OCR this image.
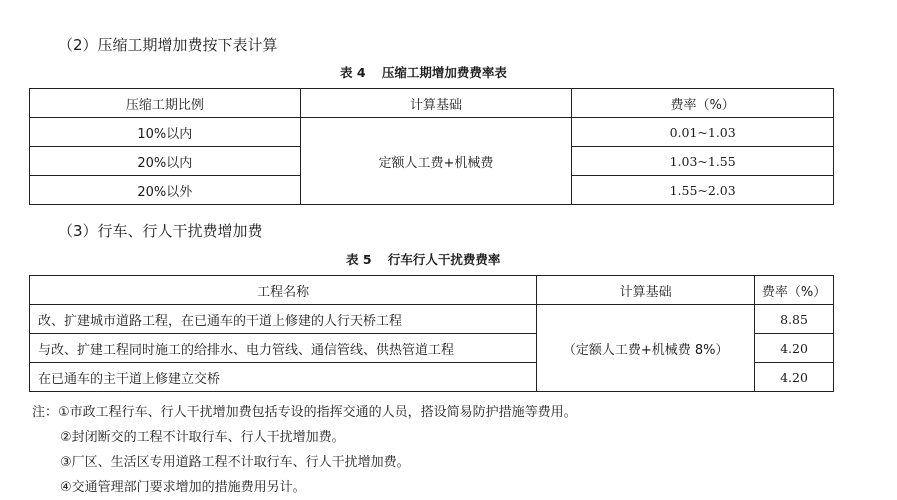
（2）压缩工期增加费按下表计算
表 4 压缩工期增加费费率表
压缩工期比例	计算基础	费率（%）
10%以内	定额人工费+机械费	0.01~1.03
20%以内		1.03~1.55
20%以外		1.55~2.03
（3）行车、行人干扰费增加费
表 5 行车行人干扰费费率
工程名称	计算基础	费率（%）
改、扩建城市道路工程，在已通车的干道上修建的人行天桥工程	（定额人工费+机械费 8%）	8.85
与改、扩建工程同时施工的给排水、电力管线、通信管线、供热管道工程		4.20
在已通车的主干道上修建立交桥		4.20
注：①市政工程行车、行人干扰增加费包括专设的指挥交通的人员，搭设简易防护措施等费用。
②封闭断交的工程不计取行车、行人干扰增加费。
③厂区、生活区专用道路工程不计取行车、行人干扰增加费。
④交通管理部门要求增加的措施费用另计。
